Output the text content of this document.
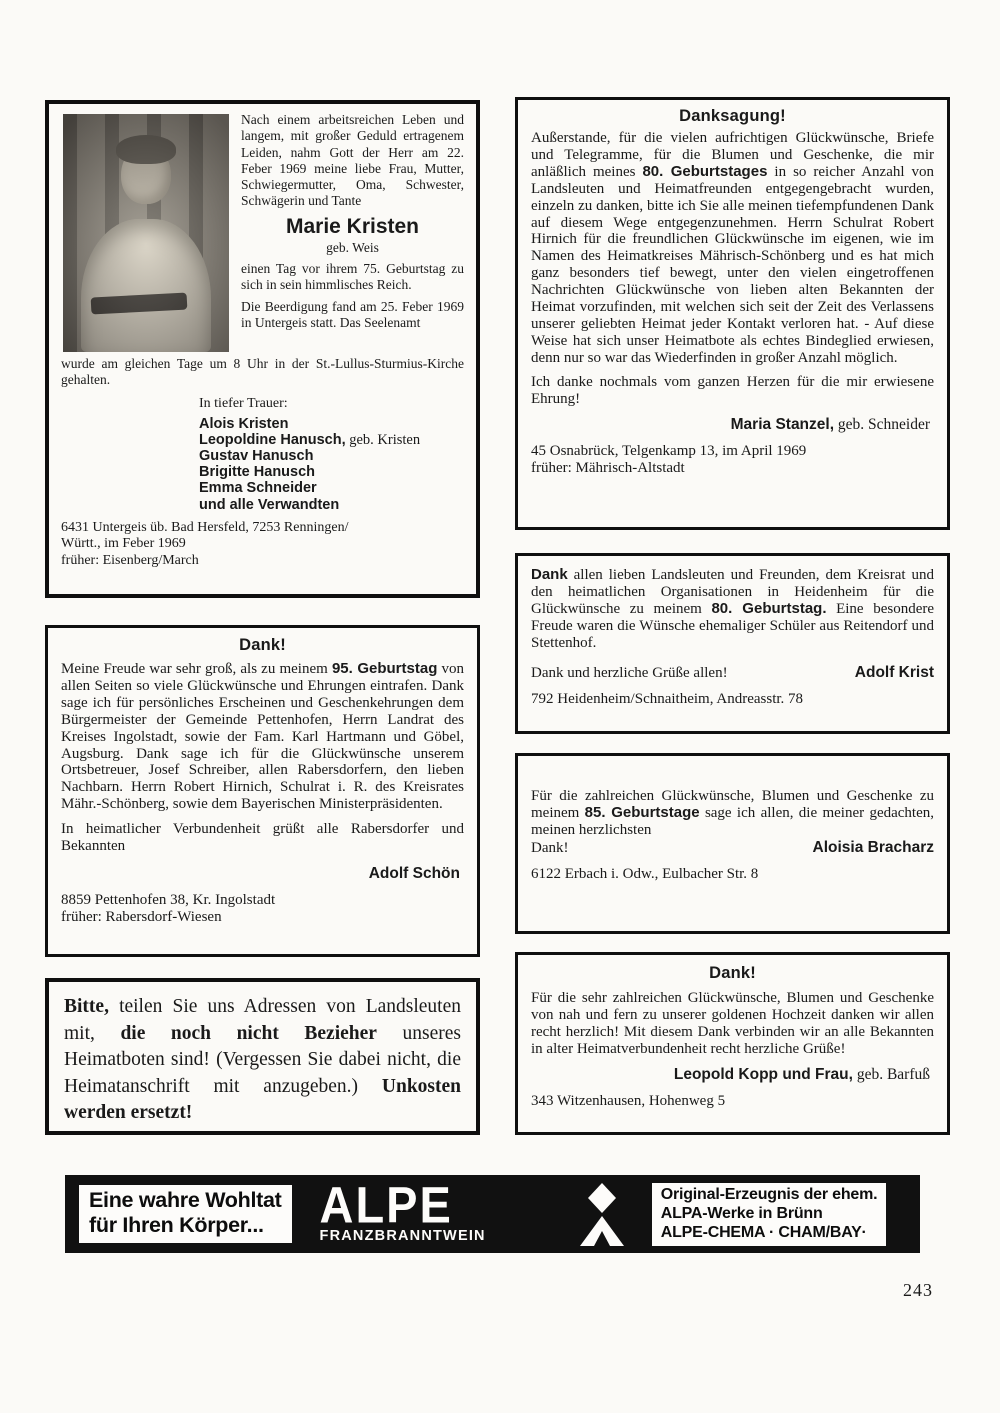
Nach einem arbeitsreichen Leben und langem, mit großer Geduld ertragenem Leiden, nahm Gott der Herr am 22. Feber 1969 meine liebe Frau, Mutter, Schwiegermutter, Oma, Schwester, Schwägerin und Tante
Marie Kristen
geb. Weis
einen Tag vor ihrem 75. Geburtstag zu sich in sein himmlisches Reich.
Die Beerdigung fand am 25. Feber 1969 in Untergeis statt. Das Seelenamt
wurde am gleichen Tage um 8 Uhr in der St.-Lullus-Sturmius-Kirche gehalten.
In tiefer Trauer:
Alois Kristen
Leopoldine Hanusch, geb. Kristen
Gustav Hanusch
Brigitte Hanusch
Emma Schneider
und alle Verwandten
6431 Untergeis üb. Bad Hersfeld, 7253 Renningen/
Württ., im Feber 1969
früher: Eisenberg/March
Dank!
Meine Freude war sehr groß, als zu meinem 95. Geburtstag von allen Seiten so viele Glückwünsche und Ehrungen eintrafen. Dank sage ich für persönliches Erscheinen und Geschenkehrungen dem Bürgermeister der Gemeinde Pettenhofen, Herrn Landrat des Kreises Ingolstadt, sowie der Fam. Karl Hartmann und Göbel, Augsburg. Dank sage ich für die Glückwünsche unserem Ortsbetreuer, Josef Schreiber, allen Rabersdorfern, den lieben Nachbarn. Herrn Robert Hirnich, Schulrat i. R. des Kreisrates Mähr.-Schönberg, sowie dem Bayerischen Ministerpräsidenten.
In heimatlicher Verbundenheit grüßt alle Rabersdorfer und Bekannten
Adolf Schön
8859 Pettenhofen 38, Kr. Ingolstadt
früher: Rabersdorf-Wiesen
Bitte, teilen Sie uns Adressen von Landsleuten mit, die noch nicht Bezieher unseres Heimatboten sind! (Vergessen Sie dabei nicht, die Heimatanschrift mit anzugeben.) Unkosten werden ersetzt!
Danksagung!
Außerstande, für die vielen aufrichtigen Glückwünsche, Briefe und Telegramme, für die Blumen und Geschenke, die mir anläßlich meines 80. Geburtstages in so reicher Anzahl von Landsleuten und Heimatfreunden entgegengebracht wurden, einzeln zu danken, bitte ich Sie alle meinen tiefempfundenen Dank auf diesem Wege entgegenzunehmen. Herrn Schulrat Robert Hirnich für die freundlichen Glückwünsche im eigenen, wie im Namen des Heimatkreises Mährisch-Schönberg und es hat mich ganz besonders tief bewegt, unter den vielen eingetroffenen Nachrichten Glückwünsche von lieben alten Bekannten der Heimat vorzufinden, mit welchen sich seit der Zeit des Verlassens unserer geliebten Heimat jeder Kontakt verloren hat. - Auf diese Weise hat sich unser Heimatbote als echtes Bindeglied erwiesen, denn nur so war das Wiederfinden in großer Anzahl möglich.
Ich danke nochmals vom ganzen Herzen für die mir erwiesene Ehrung!
Maria Stanzel, geb. Schneider
45 Osnabrück, Telgenkamp 13, im April 1969
früher: Mährisch-Altstadt
Dank allen lieben Landsleuten und Freunden, dem Kreisrat und den heimatlichen Organisationen in Heidenheim für die Glückwünsche zu meinem 80. Geburtstag. Eine besondere Freude waren die Wünsche ehemaliger Schüler aus Reitendorf und Stettenhof.
Dank und herzliche Grüße allen!	Adolf Krist
792 Heidenheim/Schnaitheim, Andreasstr. 78
Für die zahlreichen Glückwünsche, Blumen und Geschenke zu meinem 85. Geburtstage sage ich allen, die meiner gedachten, meinen herzlichsten
Dank!	Aloisia Bracharz
6122 Erbach i. Odw., Eulbacher Str. 8
Dank!
Für die sehr zahlreichen Glückwünsche, Blumen und Geschenke von nah und fern zu unserer goldenen Hochzeit danken wir allen recht herzlich! Mit diesem Dank verbinden wir an alle Bekannten in alter Heimatverbundenheit recht herzliche Grüße!
Leopold Kopp und Frau, geb. Barfuß
343 Witzenhausen, Hohenweg 5
Eine wahre Wohltat
für Ihren Körper...	ALPE
FRANZBRANNTWEIN
Original-Erzeugnis der ehem.
ALPA-Werke in Brünn
ALPE-CHEMA · CHAM/BAY·
243
